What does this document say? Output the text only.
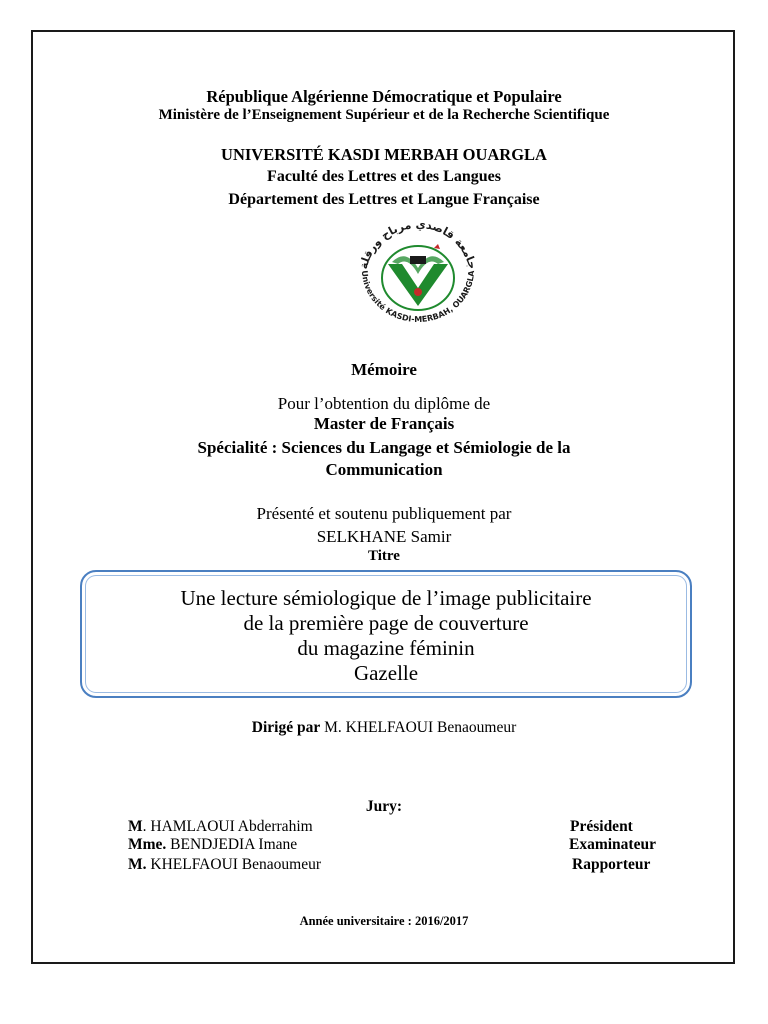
République Algérienne Démocratique et Populaire
Ministère de l’Enseignement Supérieur et de la Recherche Scientifique
UNIVERSITÉ KASDI MERBAH OUARGLA
Faculté des Lettres et des Langues
Département des Lettres et Langue Française
جامعة قاصدي مرباح ورقلة
Université KASDI-MERBAH, OUARGLA
Mémoire
Pour l’obtention du diplôme de
Master de Français
Spécialité : Sciences du Langage et Sémiologie de la
Communication
Présenté et soutenu publiquement par
SELKHANE Samir
Titre
Une lecture sémiologique de l’image publicitaire
de la première page de couverture
du magazine féminin
Gazelle
Dirigé par M. KHELFAOUI Benaoumeur
Jury:
M. HAMLAOUI Abderrahim	Président
Mme. BENDJEDIA Imane	Examinateur
M. KHELFAOUI Benaoumeur	Rapporteur
Année universitaire : 2016/2017
